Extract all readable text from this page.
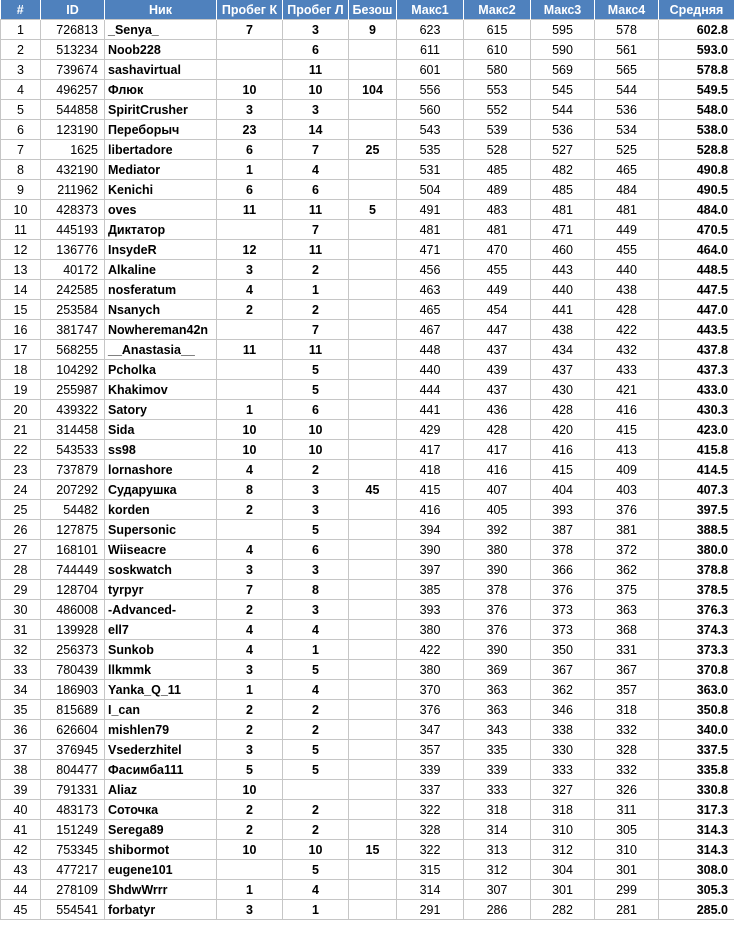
#	ID	Ник	Пробег К	Пробег Л	Безош	Макс1	Макс2	Макс3	Макс4	Средняя
1	726813	_Senya_	7	3	9	623	615	595	578	602.8
2	513234	Noob228		6		611	610	590	561	593.0
3	739674	sashavirtual		11		601	580	569	565	578.8
4	496257	Флюк	10	10	104	556	553	545	544	549.5
5	544858	SpiritCrusher	3	3		560	552	544	536	548.0
6	123190	Переборыч	23	14		543	539	536	534	538.0
7	1625	libertadore	6	7	25	535	528	527	525	528.8
8	432190	Mediator	1	4		531	485	482	465	490.8
9	211962	Kenichi	6	6		504	489	485	484	490.5
10	428373	oves	11	11	5	491	483	481	481	484.0
11	445193	Диктатор		7		481	481	471	449	470.5
12	136776	InsydeR	12	11		471	470	460	455	464.0
13	40172	Alkaline	3	2		456	455	443	440	448.5
14	242585	nosferatum	4	1		463	449	440	438	447.5
15	253584	Nsanych	2	2		465	454	441	428	447.0
16	381747	Nowhereman42n		7		467	447	438	422	443.5
17	568255	__Anastasia__	11	11		448	437	434	432	437.8
18	104292	Pcholka		5		440	439	437	433	437.3
19	255987	Khakimov		5		444	437	430	421	433.0
20	439322	Satory	1	6		441	436	428	416	430.3
21	314458	Sida	10	10		429	428	420	415	423.0
22	543533	ss98	10	10		417	417	416	413	415.8
23	737879	lornashore	4	2		418	416	415	409	414.5
24	207292	Сударушка	8	3	45	415	407	404	403	407.3
25	54482	korden	2	3		416	405	393	376	397.5
26	127875	Supersonic		5		394	392	387	381	388.5
27	168101	Wiiseacre	4	6		390	380	378	372	380.0
28	744449	soskwatch	3	3		397	390	366	362	378.8
29	128704	tyrpyr	7	8		385	378	376	375	378.5
30	486008	-Advanced-	2	3		393	376	373	363	376.3
31	139928	ell7	4	4		380	376	373	368	374.3
32	256373	Sunkob	4	1		422	390	350	331	373.3
33	780439	llkmmk	3	5		380	369	367	367	370.8
34	186903	Yanka_Q_11	1	4		370	363	362	357	363.0
35	815689	I_can	2	2		376	363	346	318	350.8
36	626604	mishlen79	2	2		347	343	338	332	340.0
37	376945	Vsederzhitel	3	5		357	335	330	328	337.5
38	804477	Фасимба111	5	5		339	339	333	332	335.8
39	791331	Aliaz	10			337	333	327	326	330.8
40	483173	Соточка	2	2		322	318	318	311	317.3
41	151249	Serega89	2	2		328	314	310	305	314.3
42	753345	shibormot	10	10	15	322	313	312	310	314.3
43	477217	eugene101		5		315	312	304	301	308.0
44	278109	ShdwWrrr	1	4		314	307	301	299	305.3
45	554541	forbatyr	3	1		291	286	282	281	285.0
